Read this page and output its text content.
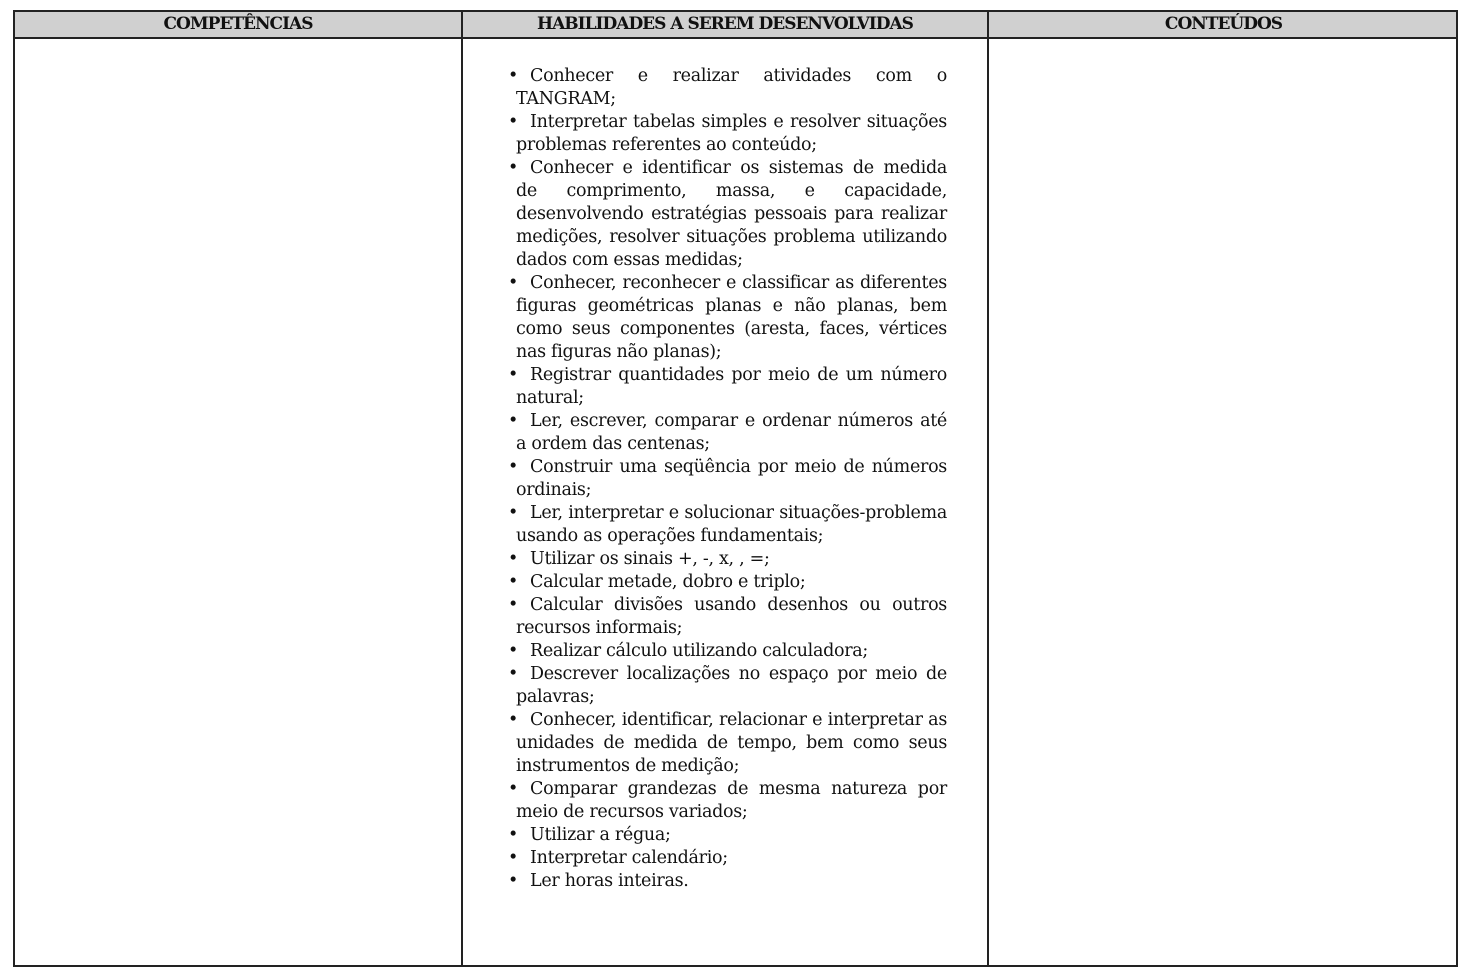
COMPETÊNCIAS	HABILIDADES A SEREM DESENVOLVIDAS	CONTEÚDOS
• Conhecer e realizar atividades com o TANGRAM;
• Interpretar tabelas simples e resolver situações problemas referentes ao conteúdo;
• Conhecer e identificar os sistemas de medida de comprimento, massa, e capacidade, desenvolvendo estratégias pessoais para realizar medições, resolver situações problema utilizando dados com essas medidas;
• Conhecer, reconhecer e classificar as diferentes figuras geométricas planas e não planas, bem como seus componentes (aresta, faces, vértices nas figuras não planas);
• Registrar quantidades por meio de um número natural;
• Ler, escrever, comparar e ordenar números até a ordem das centenas;
• Construir uma seqüência por meio de números ordinais;
• Ler, interpretar e solucionar situações-problema usando as operações fundamentais;
• Utilizar os sinais +, -, x, , =;
• Calcular metade, dobro e triplo;
• Calcular divisões usando desenhos ou outros recursos informais;
• Realizar cálculo utilizando calculadora;
• Descrever localizações no espaço por meio de palavras;
• Conhecer, identificar, relacionar e interpretar as unidades de medida de tempo, bem como seus instrumentos de medição;
• Comparar grandezas de mesma natureza por meio de recursos variados;
• Utilizar a régua;
• Interpretar calendário;
• Ler horas inteiras.
